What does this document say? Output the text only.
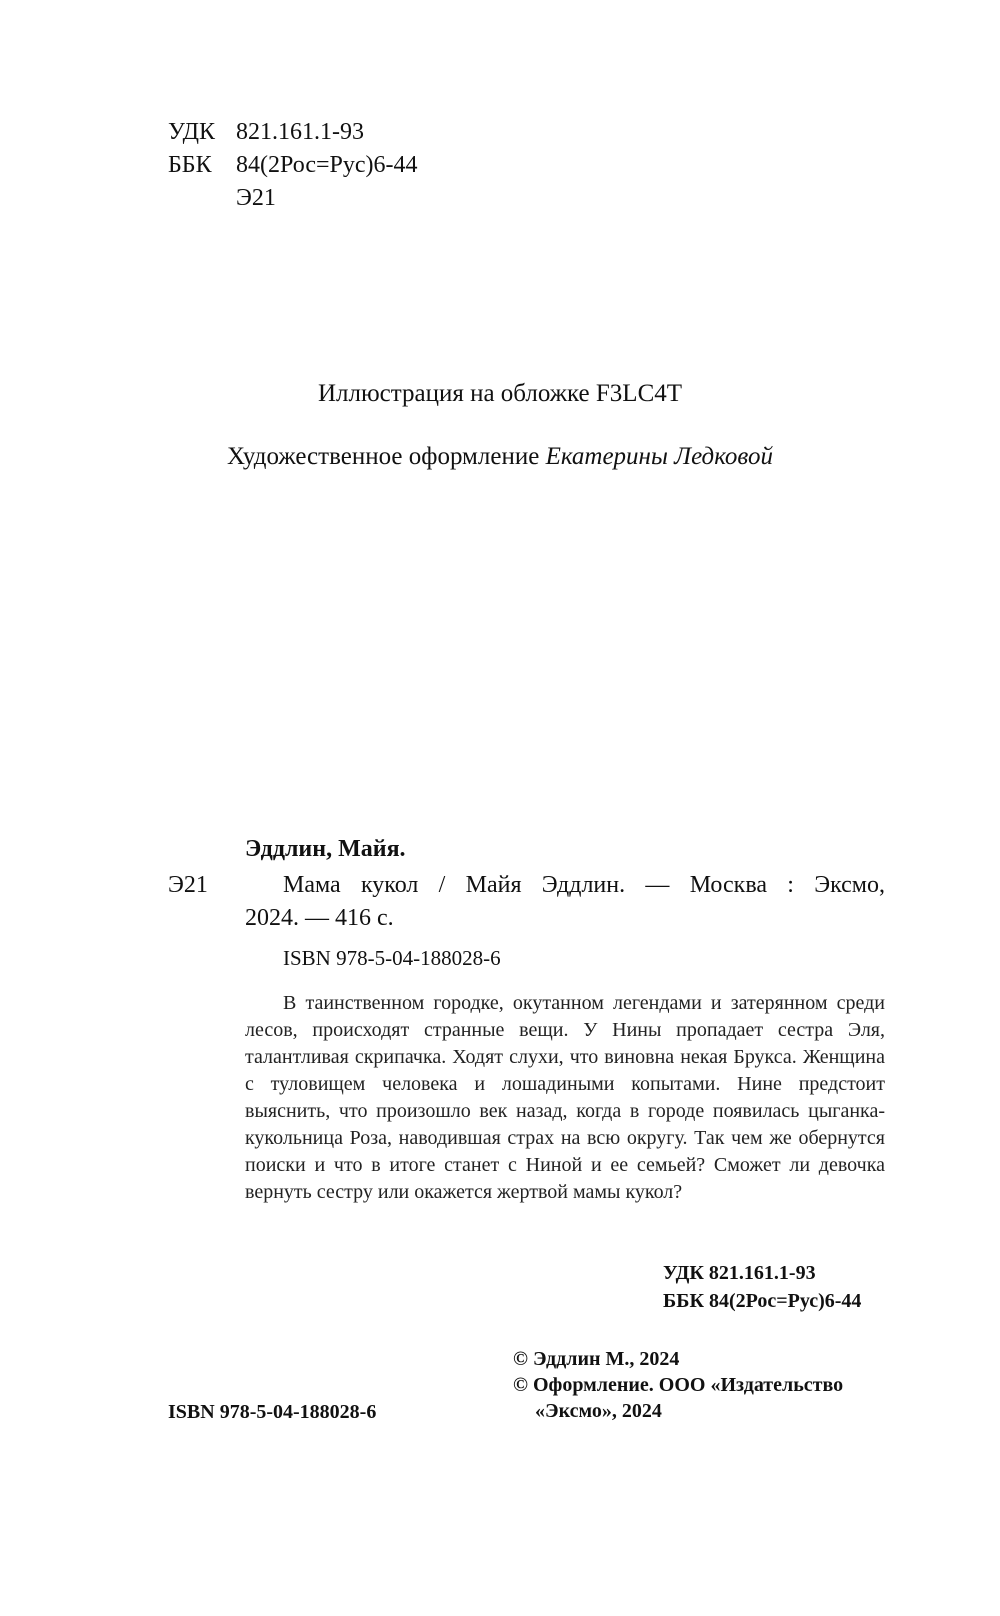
УДК 821.161.1-93
ББК 84(2Рос=Рус)6-44
Э21
Иллюстрация на обложке F3LC4T
Художественное оформление Екатерины Ледковой
Эддлин, Майя.
Э21	Мама кукол / Майя Эддлин. — Москва : Эксмо,
2024. — 416 с.
ISBN 978-5-04-188028-6
В таинственном городке, окутанном легендами и затерянном среди лесов, происходят странные вещи. У Нины пропадает сестра Эля, талантливая скрипачка. Ходят слухи, что виновна некая Брукса. Женщина с туловищем человека и лошадиными копытами. Нине предстоит выяснить, что произошло век назад, когда в городе появилась цыганка-кукольница Роза, наводившая страх на всю округу. Так чем же обернутся поиски и что в итоге станет с Ниной и ее семьей? Сможет ли девочка вернуть сестру или окажется жертвой мамы кукол?
УДК 821.161.1-93
ББК 84(2Рос=Рус)6-44
ISBN 978-5-04-188028-6
© Эддлин М., 2024
© Оформление. ООО «Издательство
«Эксмо», 2024
